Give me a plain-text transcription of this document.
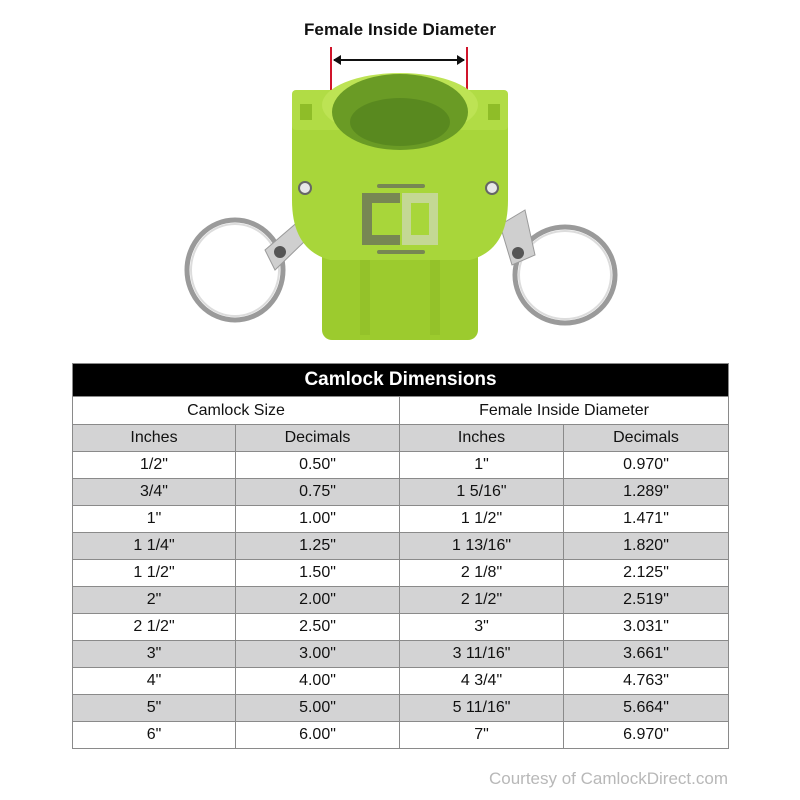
Female Inside Diameter
Camlock Dimensions			
Camlock Size		Female Inside Diameter	
Inches	Decimals	Inches	Decimals
1/2"	0.50"	1"	0.970"
3/4"	0.75"	1 5/16"	1.289"
1"	1.00"	1 1/2"	1.471"
1 1/4"	1.25"	1 13/16"	1.820"
1 1/2"	1.50"	2 1/8"	2.125"
2"	2.00"	2 1/2"	2.519"
2 1/2"	2.50"	3"	3.031"
3"	3.00"	3 11/16"	3.661"
4"	4.00"	4 3/4"	4.763"
5"	5.00"	5 11/16"	5.664"
6"	6.00"	7"	6.970"
Courtesy of CamlockDirect.com
